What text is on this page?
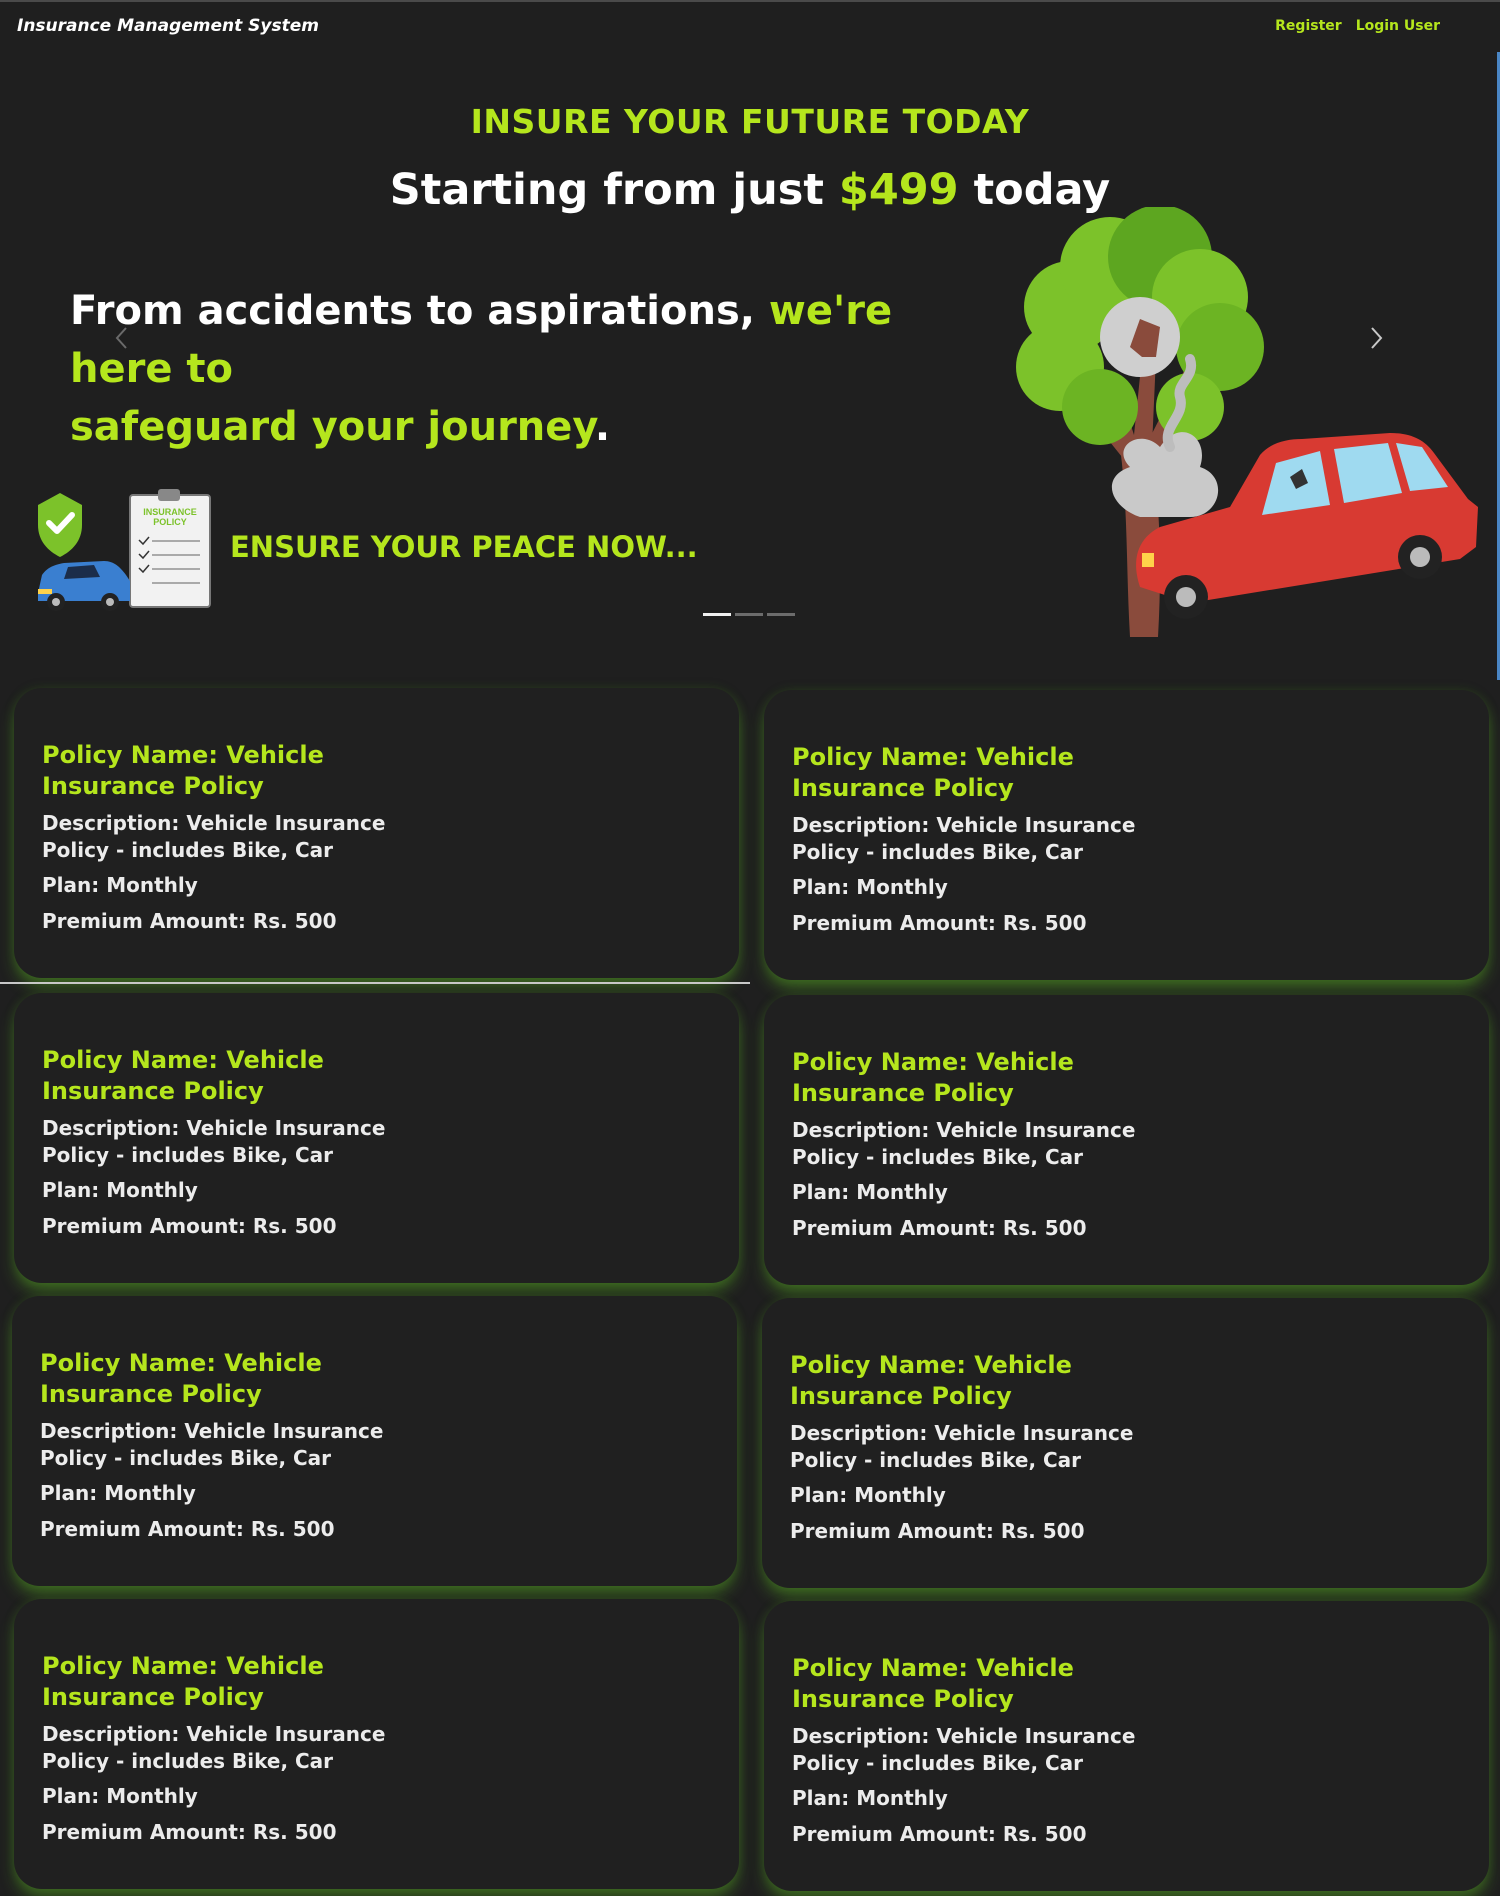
Insurance Management System	Register Login User
INSURE YOUR FUTURE TODAY
Starting from just $499 today
From accidents to aspirations, we're here to
safeguard your journey.
INSURANCE
POLICY
ENSURE YOUR PEACE NOW...
Policy Name: Vehicle Insurance Policy
Description: Vehicle Insurance Policy - includes Bike, Car
Plan: Monthly
Premium Amount: Rs. 500
Policy Name: Vehicle Insurance Policy
Description: Vehicle Insurance Policy - includes Bike, Car
Plan: Monthly
Premium Amount: Rs. 500
Policy Name: Vehicle Insurance Policy
Description: Vehicle Insurance Policy - includes Bike, Car
Plan: Monthly
Premium Amount: Rs. 500
Policy Name: Vehicle Insurance Policy
Description: Vehicle Insurance Policy - includes Bike, Car
Plan: Monthly
Premium Amount: Rs. 500
Policy Name: Vehicle Insurance Policy
Description: Vehicle Insurance Policy - includes Bike, Car
Plan: Monthly
Premium Amount: Rs. 500
Policy Name: Vehicle Insurance Policy
Description: Vehicle Insurance Policy - includes Bike, Car
Plan: Monthly
Premium Amount: Rs. 500
Policy Name: Vehicle Insurance Policy
Description: Vehicle Insurance Policy - includes Bike, Car
Plan: Monthly
Premium Amount: Rs. 500
Policy Name: Vehicle Insurance Policy
Description: Vehicle Insurance Policy - includes Bike, Car
Plan: Monthly
Premium Amount: Rs. 500
